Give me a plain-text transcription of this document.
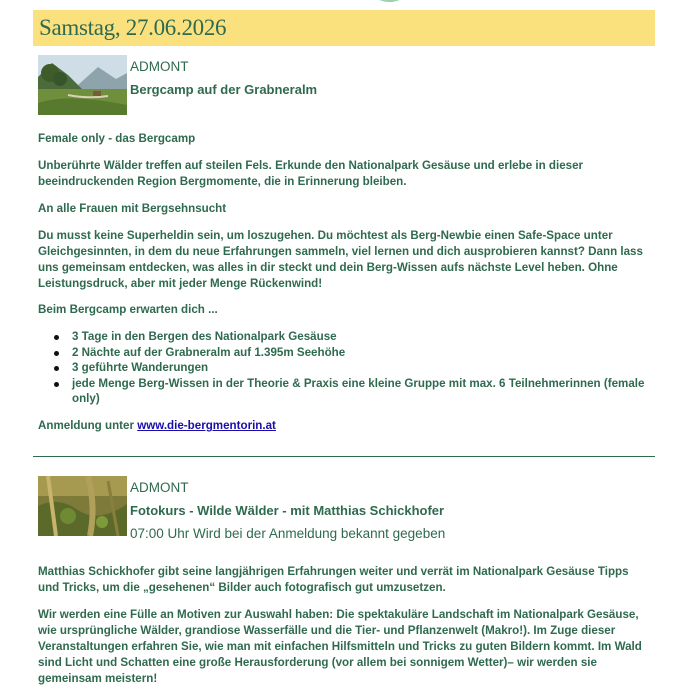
Samstag, 27.06.2026
ADMONT
Bergcamp auf der Grabneralm

Female only - das Bergcamp

Unberührte Wälder treffen auf steilen Fels. Erkunde den Nationalpark Gesäuse und erlebe in dieser beeindruckenden Region Bergmomente, die in Erinnerung bleiben.

An alle Frauen mit Bergsehnsucht

Du musst keine Superheldin sein, um loszugehen. Du möchtest als Berg-Newbie einen Safe-Space unter Gleichgesinnten, in dem du neue Erfahrungen sammeln, viel lernen und dich ausprobieren kannst? Dann lass uns gemeinsam entdecken, was alles in dir steckt und dein Berg-Wissen aufs nächste Level heben. Ohne Leistungsdruck, aber mit jeder Menge Rückenwind!

Beim Bergcamp erwarten dich ...

3 Tage in den Bergen des Nationalpark Gesäuse
2 Nächte auf der Grabneralm auf 1.395m Seehöhe
3 geführte Wanderungen
jede Menge Berg-Wissen in der Theorie & Praxis eine kleine Gruppe mit max. 6 Teilnehmerinnen (female only)

Anmeldung unter www.die-bergmentorin.at

ADMONT
Fotokurs - Wilde Wälder - mit Matthias Schickhofer
07:00 Uhr Wird bei der Anmeldung bekannt gegeben

Matthias Schickhofer gibt seine langjährigen Erfahrungen weiter und verrät im Nationalpark Gesäuse Tipps und Tricks, um die „gesehenen“ Bilder auch fotografisch gut umzusetzen.

Wir werden eine Fülle an Motiven zur Auswahl haben: Die spektakuläre Landschaft im Nationalpark Gesäuse, wie ursprüngliche Wälder, grandiose Wasserfälle und die Tier- und Pflanzenwelt (Makro!). Im Zuge dieser Veranstaltungen erfahren Sie, wie man mit einfachen Hilfsmitteln und Tricks zu guten Bildern kommt. Im Wald sind Licht und Schatten eine große Herausforderung (vor allem bei sonnigem Wetter)– wir werden sie gemeinsam meistern!
